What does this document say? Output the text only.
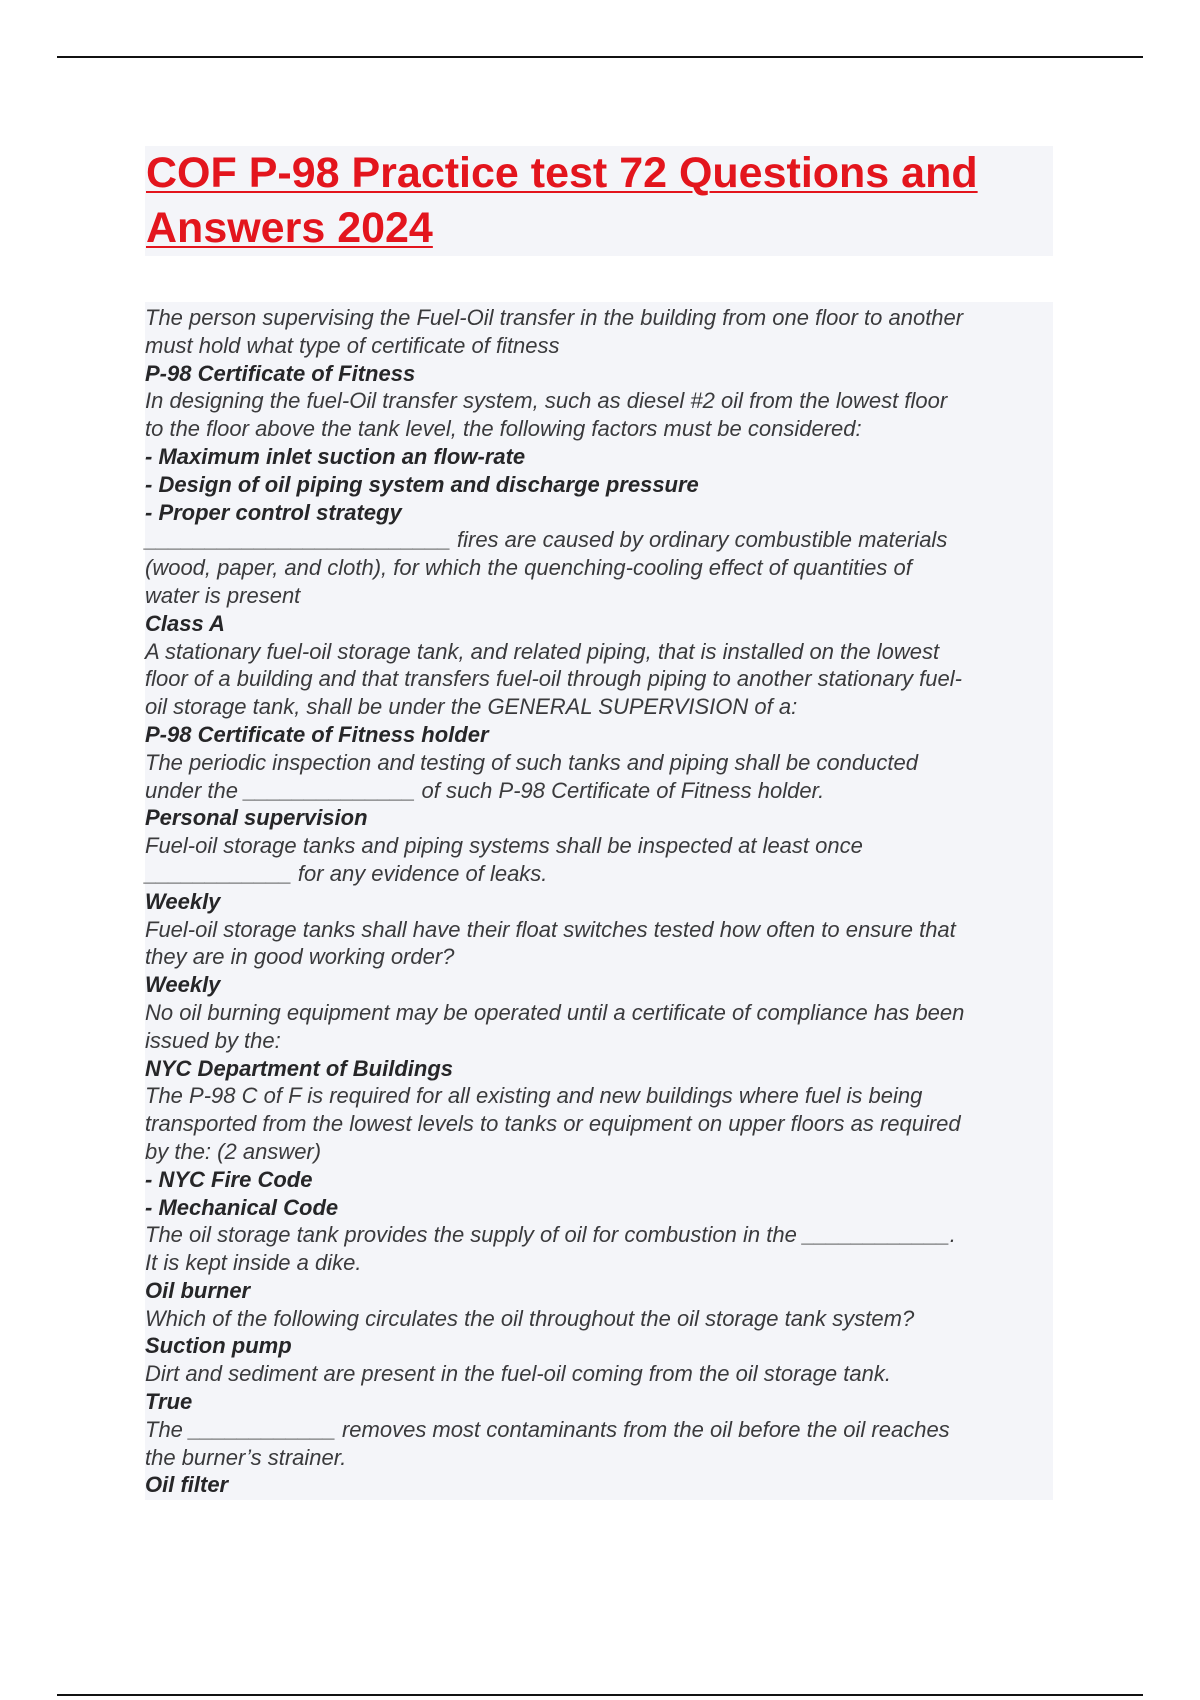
COF P-98 Practice test 72 Questions and Answers 2024

The person supervising the Fuel-Oil transfer in the building from one floor to another
must hold what type of certificate of fitness

P-98 Certificate of Fitness

In designing the fuel-Oil transfer system, such as diesel #2 oil from the lowest floor
to the floor above the tank level, the following factors must be considered:

- Maximum inlet suction an flow-rate
- Design of oil piping system and discharge pressure
- Proper control strategy

_________________________ fires are caused by ordinary combustible materials
(wood, paper, and cloth), for which the quenching-cooling effect of quantities of
water is present

Class A

A stationary fuel-oil storage tank, and related piping, that is installed on the lowest
floor of a building and that transfers fuel-oil through piping to another stationary fuel-
oil storage tank, shall be under the GENERAL SUPERVISION of a:

P-98 Certificate of Fitness holder

The periodic inspection and testing of such tanks and piping shall be conducted
under the ______________ of such P-98 Certificate of Fitness holder.

Personal supervision

Fuel-oil storage tanks and piping systems shall be inspected at least once
____________ for any evidence of leaks.

Weekly

Fuel-oil storage tanks shall have their float switches tested how often to ensure that
they are in good working order?

Weekly

No oil burning equipment may be operated until a certificate of compliance has been
issued by the:

NYC Department of Buildings

The P-98 C of F is required for all existing and new buildings where fuel is being
transported from the lowest levels to tanks or equipment on upper floors as required
by the: (2 answer)

- NYC Fire Code
- Mechanical Code

The oil storage tank provides the supply of oil for combustion in the ____________.
It is kept inside a dike.

Oil burner

Which of the following circulates the oil throughout the oil storage tank system?

Suction pump

Dirt and sediment are present in the fuel-oil coming from the oil storage tank.

True

The ____________ removes most contaminants from the oil before the oil reaches
the burner’s strainer.

Oil filter
